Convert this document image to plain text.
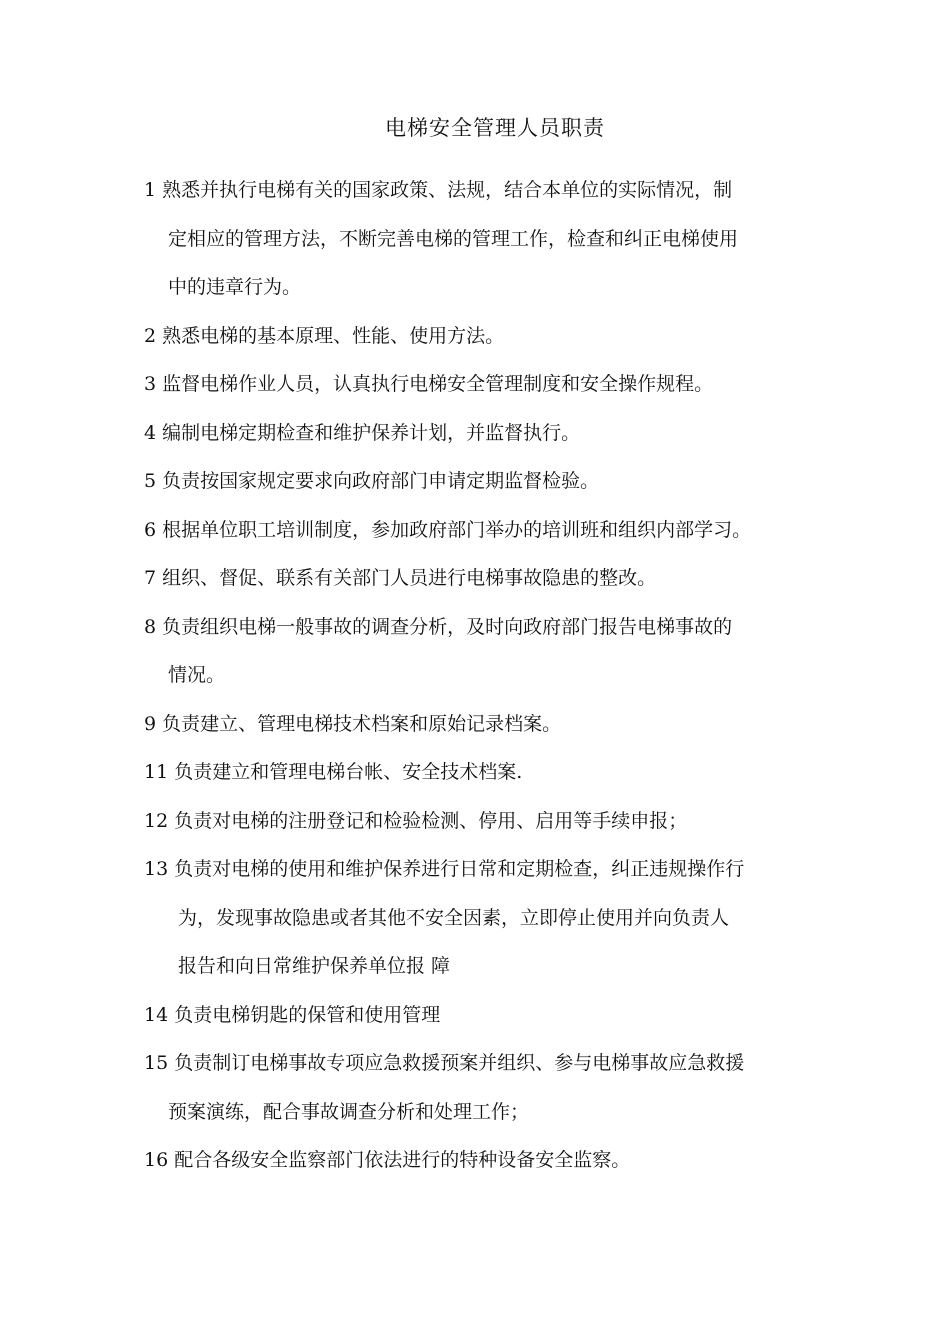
电梯安全管理人员职责
1 熟悉并执行电梯有关的国家政策、法规，结合本单位的实际情况，制
定相应的管理方法，不断完善电梯的管理工作，检查和纠正电梯使用
中的违章行为。
2 熟悉电梯的基本原理、性能、使用方法。
3 监督电梯作业人员，认真执行电梯安全管理制度和安全操作规程。
4 编制电梯定期检查和维护保养计划，并监督执行。
5 负责按国家规定要求向政府部门申请定期监督检验。
6 根据单位职工培训制度，参加政府部门举办的培训班和组织内部学习。
7 组织、督促、联系有关部门人员进行电梯事故隐患的整改。
8 负责组织电梯一般事故的调查分析，及时向政府部门报告电梯事故的
情况。
9 负责建立、管理电梯技术档案和原始记录档案。
11 负责建立和管理电梯台帐、安全技术档案.
12 负责对电梯的注册登记和检验检测、停用、启用等手续申报；
13 负责对电梯的使用和维护保养进行日常和定期检查，纠正违规操作行
为，发现事故隐患或者其他不安全因素，立即停止使用并向负责人
报告和向日常维护保养单位报 障
14 负责电梯钥匙的保管和使用管理
15 负责制订电梯事故专项应急救援预案并组织、参与电梯事故应急救援
预案演练，配合事故调查分析和处理工作；
16 配合各级安全监察部门依法进行的特种设备安全监察。
